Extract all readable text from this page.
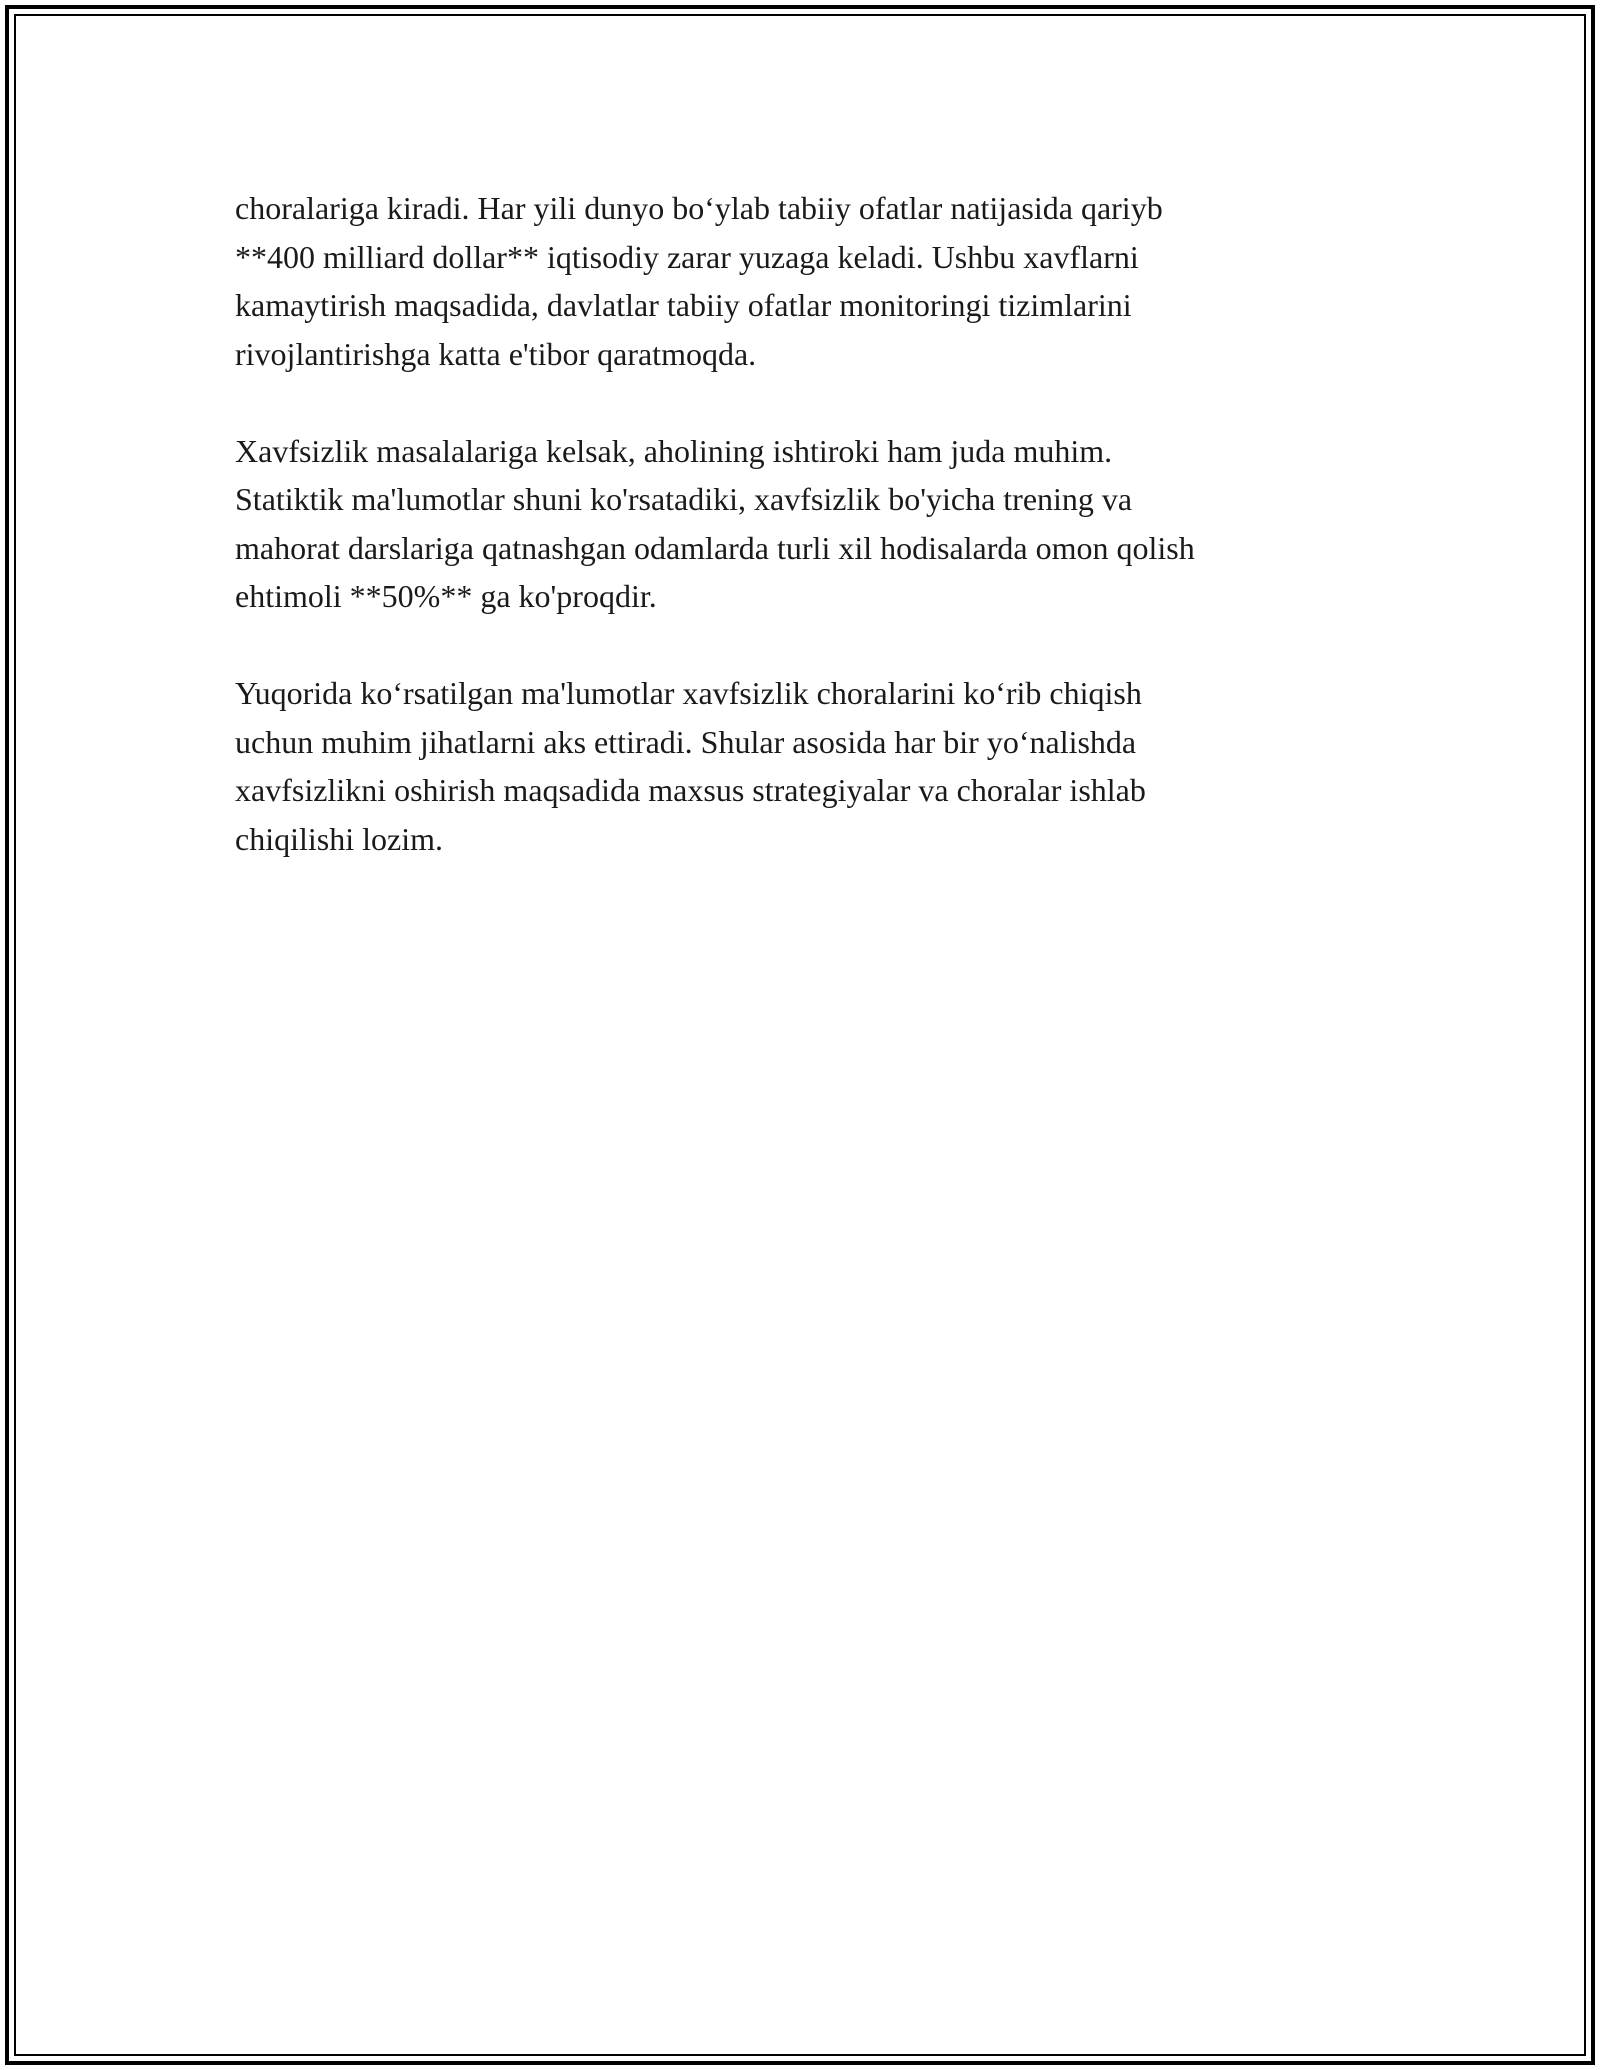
choralariga kiradi. Har yili dunyo bo‘ylab tabiiy ofatlar natijasida qariyb
**400 milliard dollar** iqtisodiy zarar yuzaga keladi. Ushbu xavflarni
kamaytirish maqsadida, davlatlar tabiiy ofatlar monitoringi tizimlarini
rivojlantirishga katta e'tibor qaratmoqda.

Xavfsizlik masalalariga kelsak, aholining ishtiroki ham juda muhim.
Statiktik ma'lumotlar shuni ko'rsatadiki, xavfsizlik bo'yicha trening va
mahorat darslariga qatnashgan odamlarda turli xil hodisalarda omon qolish
ehtimoli **50%** ga ko'proqdir.

Yuqorida ko‘rsatilgan ma'lumotlar xavfsizlik choralarini ko‘rib chiqish
uchun muhim jihatlarni aks ettiradi. Shular asosida har bir yo‘nalishda
xavfsizlikni oshirish maqsadida maxsus strategiyalar va choralar ishlab
chiqilishi lozim.
